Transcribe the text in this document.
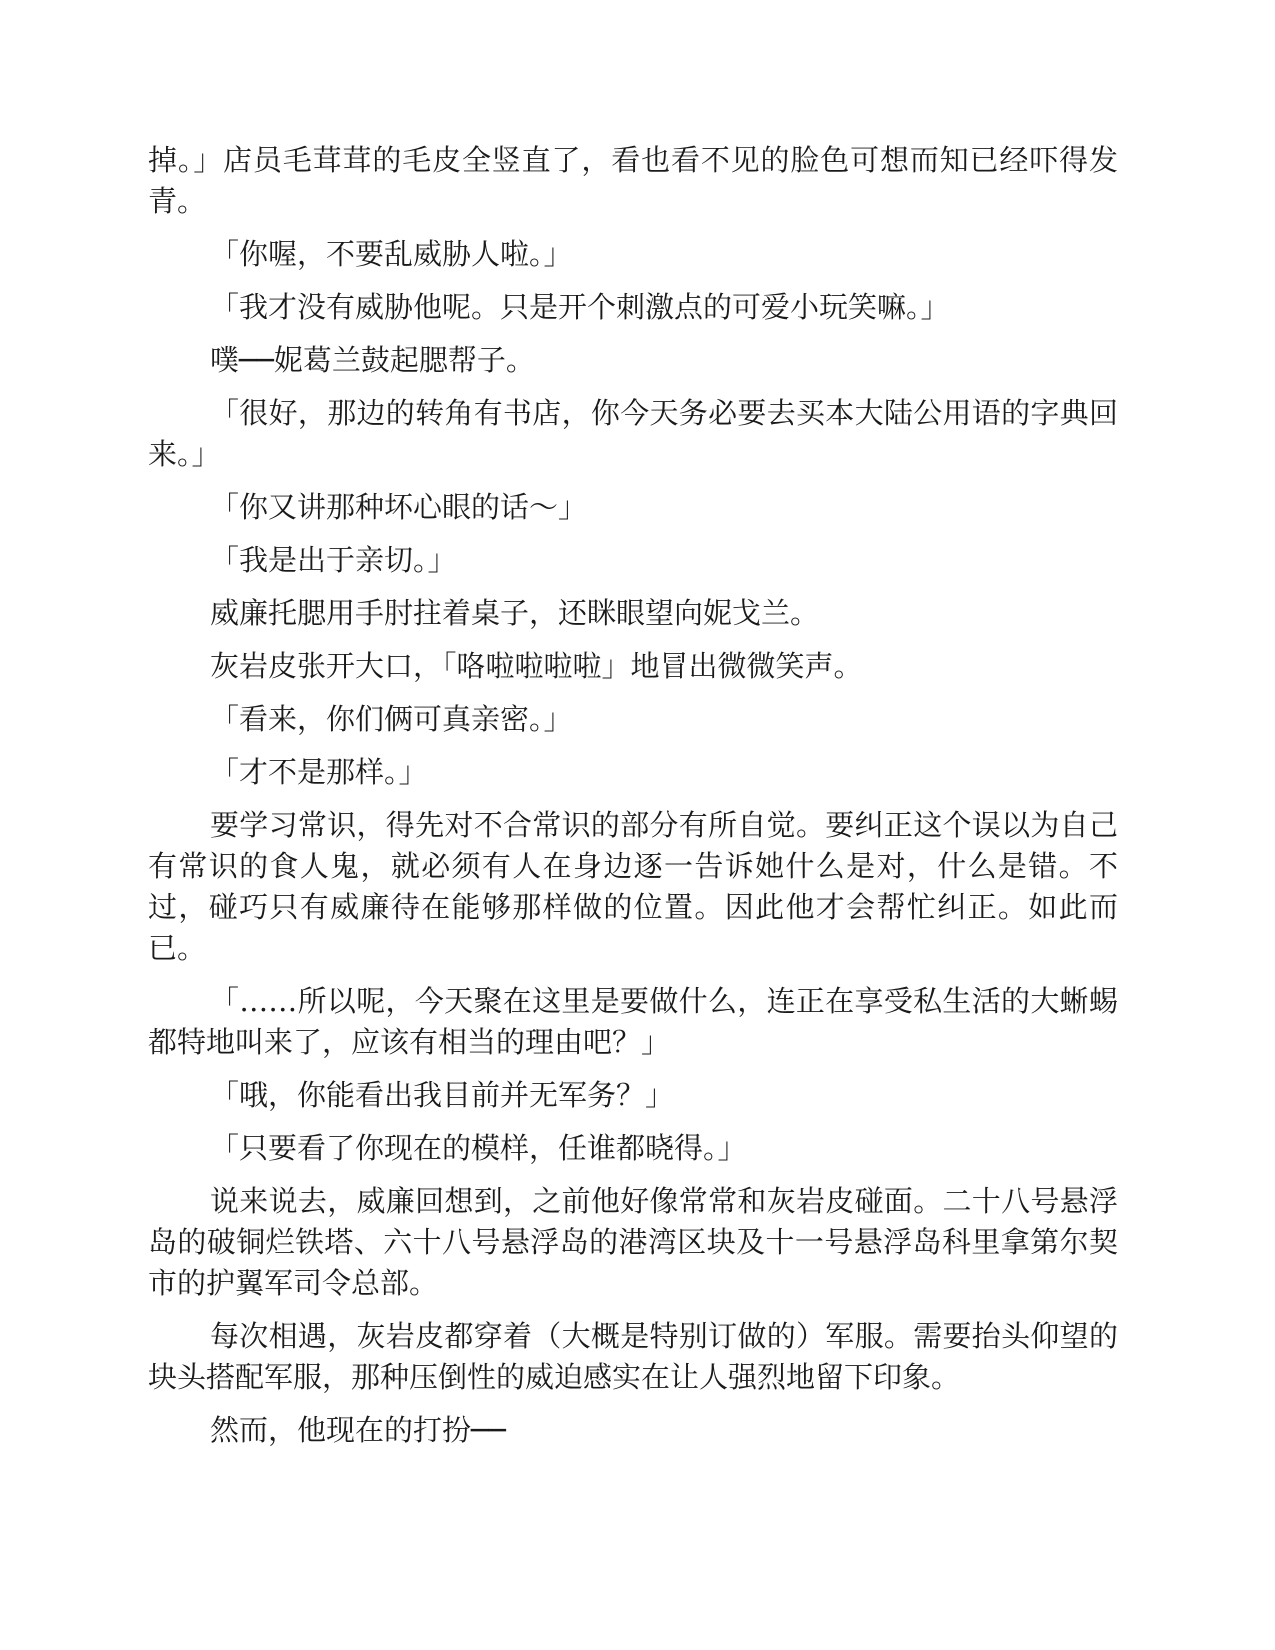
掉。」店员毛茸茸的毛皮全竖直了，看也看不见的脸色可想而知已经吓得发青。

「你喔，不要乱威胁人啦。」

「我才没有威胁他呢。只是开个刺激点的可爱小玩笑嘛。」

噗──妮葛兰鼓起腮帮子。

「很好，那边的转角有书店，你今天务必要去买本大陆公用语的字典回来。」

「你又讲那种坏心眼的话～」

「我是出于亲切。」

威廉托腮用手肘拄着桌子，还眯眼望向妮戈兰。

灰岩皮张开大口，「咯啦啦啦啦」地冒出微微笑声。

「看来，你们俩可真亲密。」

「才不是那样。」

要学习常识，得先对不合常识的部分有所自觉。要纠正这个误以为自己有常识的食人鬼，就必须有人在身边逐一告诉她什么是对，什么是错。不过，碰巧只有威廉待在能够那样做的位置。因此他才会帮忙纠正。如此而已。

「……所以呢，今天聚在这里是要做什么，连正在享受私生活的大蜥蜴都特地叫来了，应该有相当的理由吧？」

「哦，你能看出我目前并无军务？」

「只要看了你现在的模样，任谁都晓得。」

说来说去，威廉回想到，之前他好像常常和灰岩皮碰面。二十八号悬浮岛的破铜烂铁塔、六十八号悬浮岛的港湾区块及十一号悬浮岛科里拿第尔契市的护翼军司令总部。

每次相遇，灰岩皮都穿着（大概是特别订做的）军服。需要抬头仰望的块头搭配军服，那种压倒性的威迫感实在让人强烈地留下印象。

然而，他现在的打扮──
